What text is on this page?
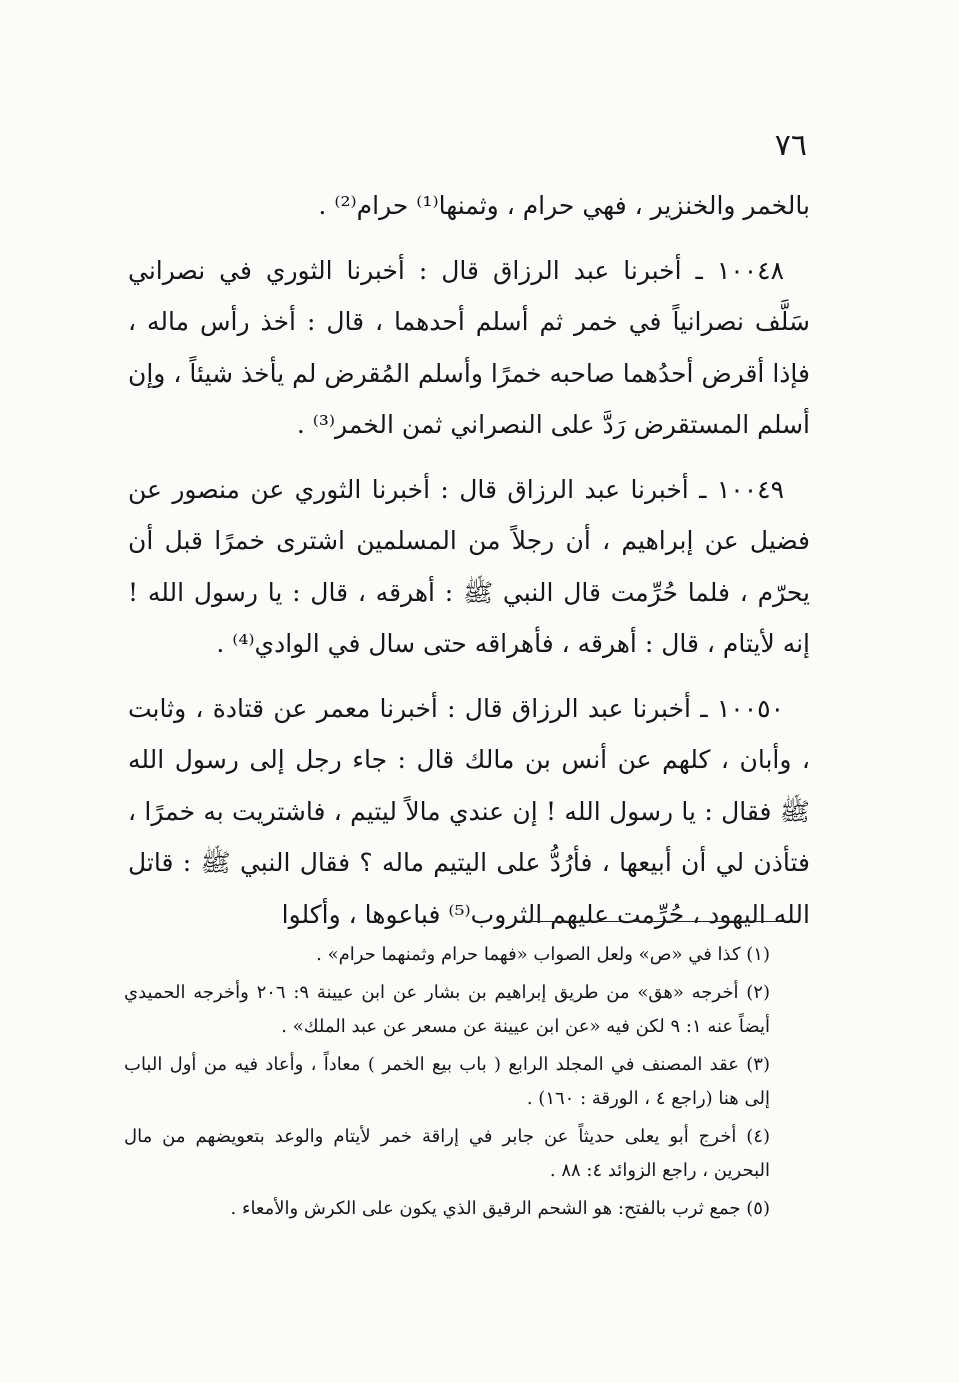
٧٦

بالخمر والخنزير ، فهي حرام ، وثمنها⁽¹⁾ حرام⁽²⁾ .

١٠٠٤٨ ـ أخبرنا عبد الرزاق قال : أخبرنا الثوري في نصراني سَلَّف نصرانياً في خمر ثم أسلم أحدهما ، قال : أخذ رأس ماله ، فإذا أقرض أحدُهما صاحبه خمرًا وأسلم المُقرض لم يأخذ شيئاً ، وإن أسلم المستقرض رَدَّ على النصراني ثمن الخمر⁽³⁾ .

١٠٠٤٩ ـ أخبرنا عبد الرزاق قال : أخبرنا الثوري عن منصور عن فضيل عن إبراهيم ، أن رجلاً من المسلمين اشترى خمرًا قبل أن يحرّم ، فلما حُرِّمت قال النبي ﷺ : أهرقه ، قال : يا رسول الله ! إنه لأيتام ، قال : أهرقه ، فأهراقه حتى سال في الوادي⁽⁴⁾ .

١٠٠٥٠ ـ أخبرنا عبد الرزاق قال : أخبرنا معمر عن قتادة ، وثابت ، وأبان ، كلهم عن أنس بن مالك قال : جاء رجل إلى رسول الله ﷺ فقال : يا رسول الله ! إن عندي مالاً ليتيم ، فاشتريت به خمرًا ، فتأذن لي أن أبيعها ، فأرُدُّ على اليتيم ماله ؟ فقال النبي ﷺ : قاتل الله اليهود ، حُرِّمت عليهم الثروب⁽⁵⁾ فباعوها ، وأكلوا

(١) كذا في «ص» ولعل الصواب «فهما حرام وثمنهما حرام» .

(٢) أخرجه «هق» من طريق إبراهيم بن بشار عن ابن عيينة ٩: ٢٠٦ وأخرجه الحميدي أيضاً عنه ١: ٩ لكن فيه «عن ابن عيينة عن مسعر عن عبد الملك» .

(٣) عقد المصنف في المجلد الرابع ( باب بيع الخمر ) معاداً ، وأعاد فيه من أول الباب إلى هنا (راجع ٤ ، الورقة : ١٦٠) .

(٤) أخرج أبو يعلى حديثاً عن جابر في إراقة خمر لأيتام والوعد بتعويضهم من مال البحرين ، راجع الزوائد ٤: ٨٨ .

(٥) جمع ثرب بالفتح: هو الشحم الرقيق الذي يكون على الكرش والأمعاء .
